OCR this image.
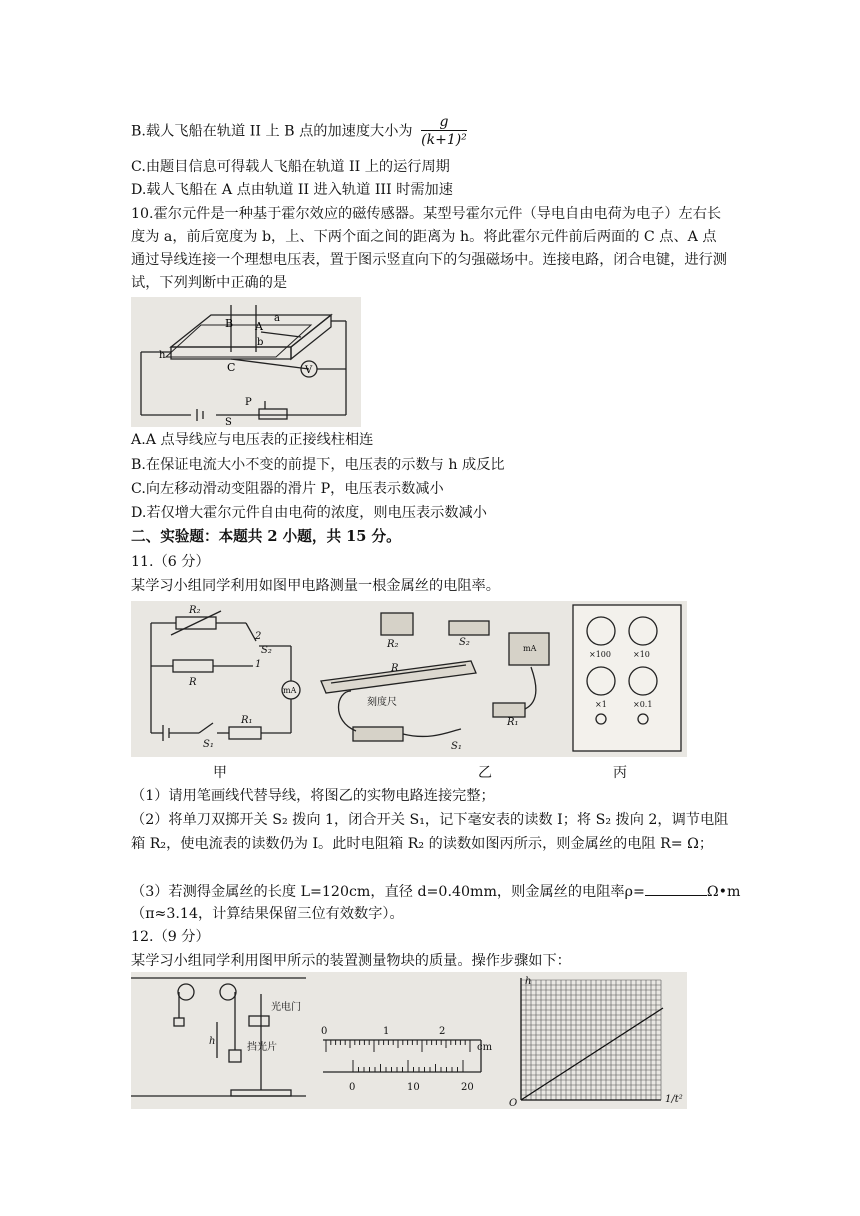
B.载人飞船在轨道 II 上 B 点的加速度大小为 $\frac{g}{\text{(k+1)²}}$
C.由题目信息可得载人飞船在轨道 II 上的运行周期
D.载人飞船在 A 点由轨道 II 进入轨道 III 时需加速
10.霍尔元件是一种基于霍尔效应的磁传感器。某型号霍尔元件（导电自由电荷为电子）左右长度为 a，前后宽度为 b，上、下两个面之间的距离为 h。将此霍尔元件前后两面的 C 点、A 点通过导线连接一个理想电压表，置于图示竖直向下的匀强磁场中。连接电路，闭合电键，进行测试，下列判断中正确的是
B A
a
b
h
C	V
S
P
A.A 点导线应与电压表的正接线柱相连
B.在保证电流大小不变的前提下，电压表的示数与 h 成反比
C.向左移动滑动变阻器的滑片 P，电压表示数减小
D.若仅增大霍尔元件自由电荷的浓度，则电压表示数减小
二、实验题：本题共 2 小题，共 15 分。
11.（6 分）
某学习小组同学利用如图甲电路测量一根金属丝的电阻率。
R₂
2
S₂
1
R
mA
R₁
S₁
R₂
R
刻度尺
S₂
mA
R₁
S₁
×100	×10
×1	×0.1
甲	乙	丙
（1）请用笔画线代替导线，将图乙的实物电路连接完整；
（2）将单刀双掷开关 S₂ 拨向 1，闭合开关 S₁，记下毫安表的读数 I；将 S₂ 拨向 2，调节电阻箱 R₂，使电流表的读数仍为 I。此时电阻箱 R₂ 的读数如图丙所示，则金属丝的电阻 R= Ω；
（3）若测得金属丝的长度 L=120cm，直径 d=0.40mm，则金属丝的电阻率ρ=	Ω•m
（π≈3.14，计算结果保留三位有效数字）。
12.（9 分）
某学习小组同学利用图甲所示的装置测量物块的质量。操作步骤如下：
光电门
h
挡光片
0	1	2
cm
0	10	20
h
1/t²
O
